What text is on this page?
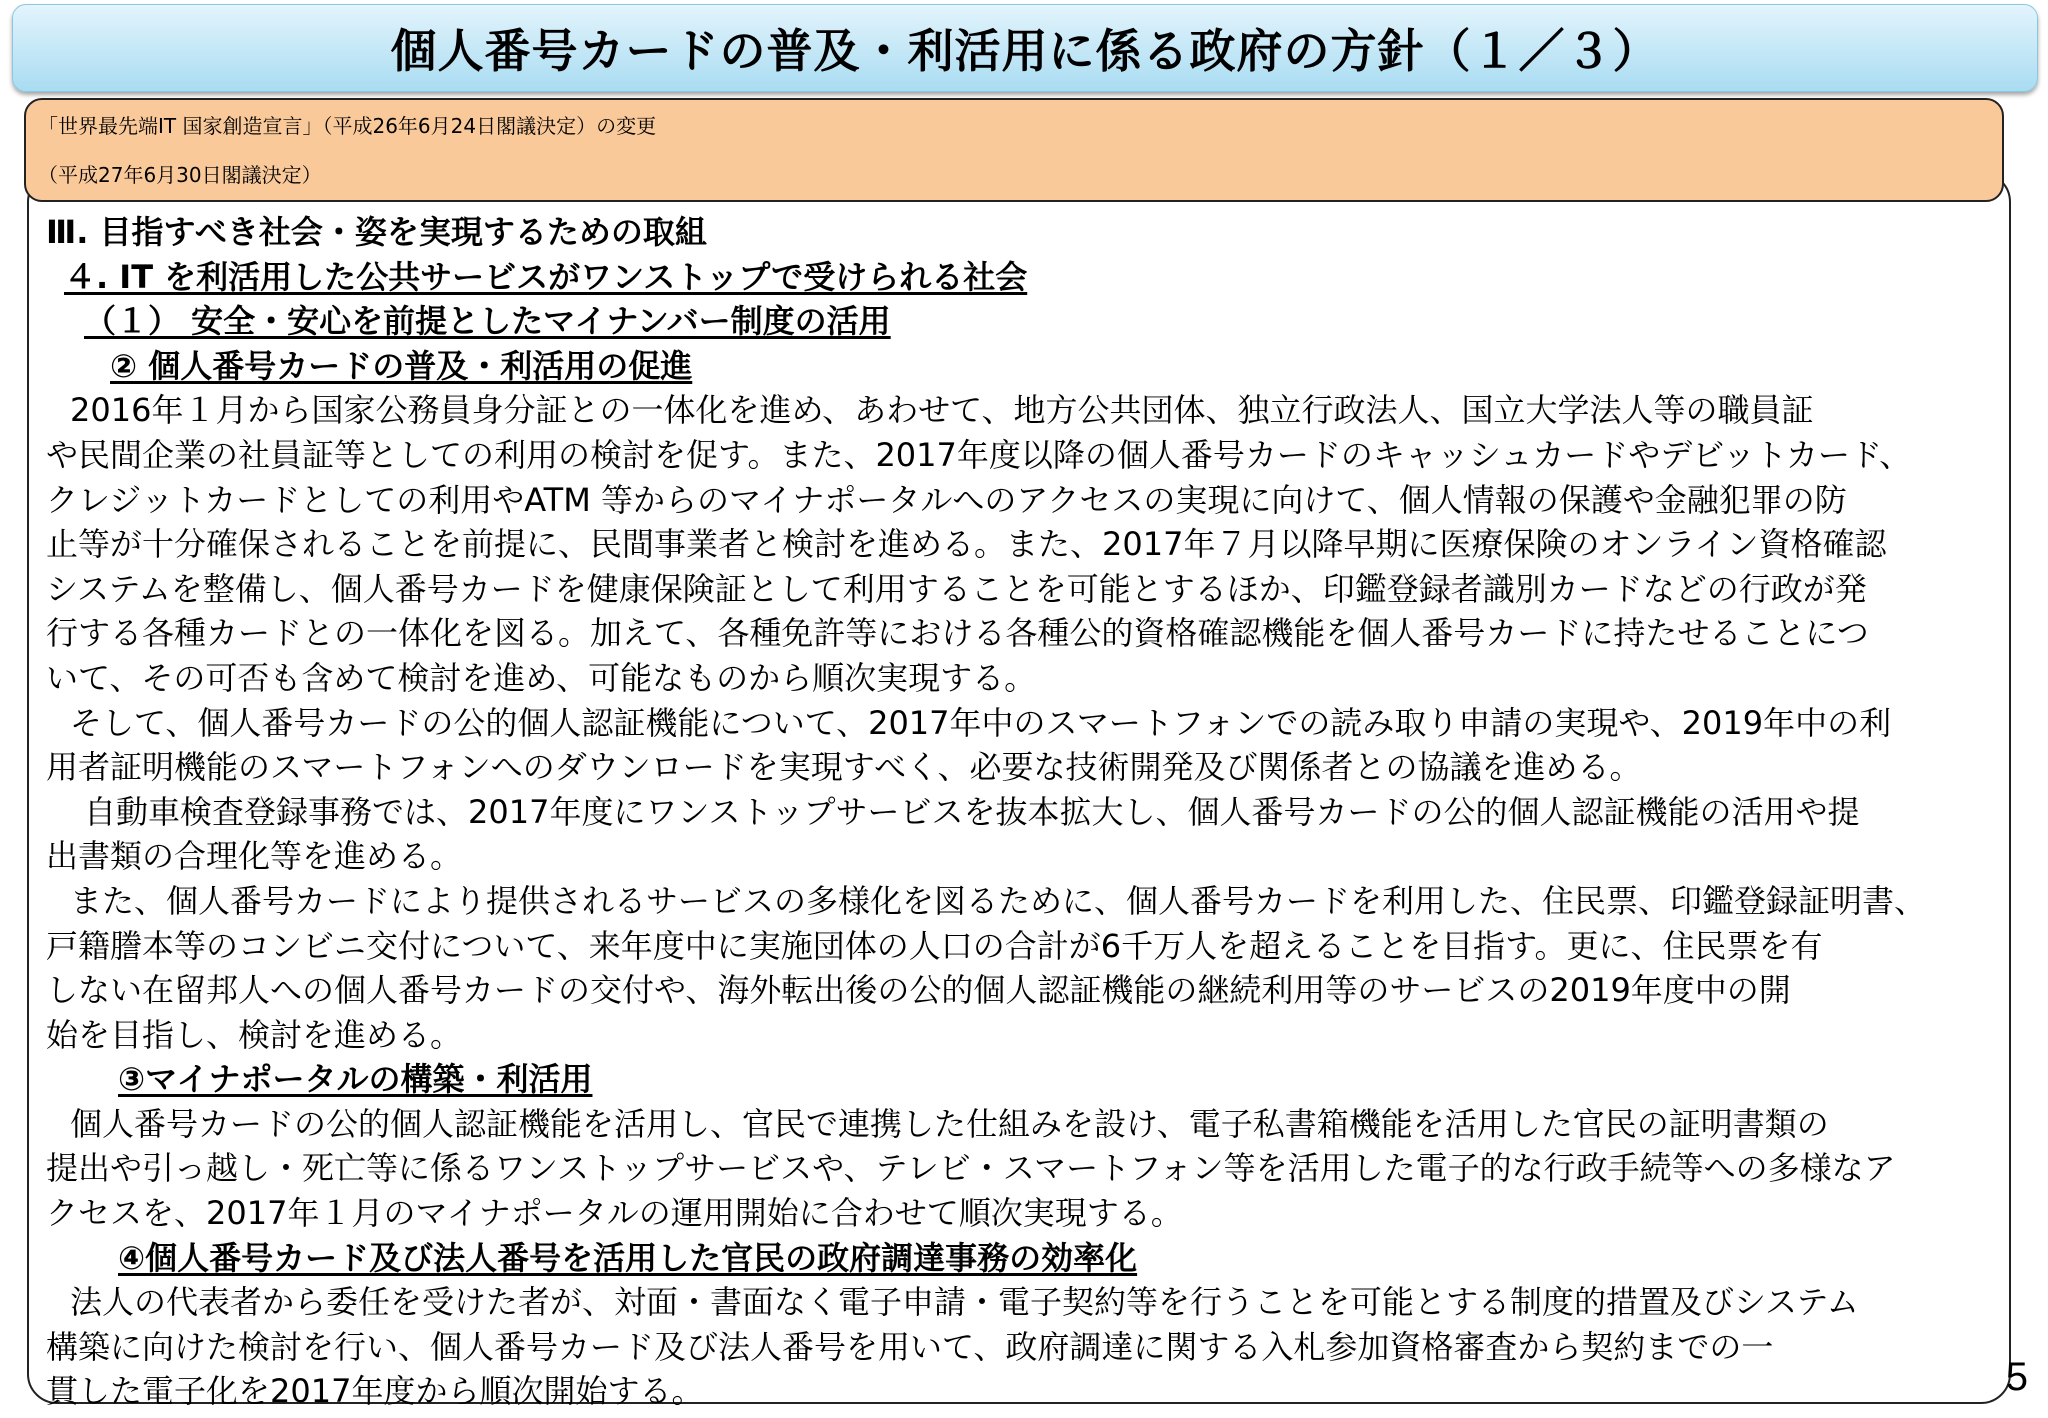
個人番号カードの普及・利活用に係る政府の方針（１／３）
「世界最先端IT 国家創造宣言」（平成26年6月24日閣議決定）の変更
（平成27年6月30日閣議決定）
Ⅲ. 目指すべき社会・姿を実現するための取組
４. IT を利活用した公共サービスがワンストップで受けられる社会
（１） 安全・安心を前提としたマイナンバー制度の活用
② 個人番号カードの普及・利活用の促進
2016年１月から国家公務員身分証との一体化を進め、あわせて、地方公共団体、独立行政法人、国立大学法人等の職員証
や民間企業の社員証等としての利用の検討を促す。また、2017年度以降の個人番号カードのキャッシュカードやデビットカード、
クレジットカードとしての利用やATM 等からのマイナポータルへのアクセスの実現に向けて、個人情報の保護や金融犯罪の防
止等が十分確保されることを前提に、民間事業者と検討を進める。また、2017年７月以降早期に医療保険のオンライン資格確認
システムを整備し、個人番号カードを健康保険証として利用することを可能とするほか、印鑑登録者識別カードなどの行政が発
行する各種カードとの一体化を図る。加えて、各種免許等における各種公的資格確認機能を個人番号カードに持たせることにつ
いて、その可否も含めて検討を進め、可能なものから順次実現する。
そして、個人番号カードの公的個人認証機能について、2017年中のスマートフォンでの読み取り申請の実現や、2019年中の利
用者証明機能のスマートフォンへのダウンロードを実現すべく、必要な技術開発及び関係者との協議を進める。
自動車検査登録事務では、2017年度にワンストップサービスを抜本拡大し、個人番号カードの公的個人認証機能の活用や提
出書類の合理化等を進める。
また、個人番号カードにより提供されるサービスの多様化を図るために、個人番号カードを利用した、住民票、印鑑登録証明書、
戸籍謄本等のコンビニ交付について、来年度中に実施団体の人口の合計が6千万人を超えることを目指す。更に、住民票を有
しない在留邦人への個人番号カードの交付や、海外転出後の公的個人認証機能の継続利用等のサービスの2019年度中の開
始を目指し、検討を進める。
③マイナポータルの構築・利活用
個人番号カードの公的個人認証機能を活用し、官民で連携した仕組みを設け、電子私書箱機能を活用した官民の証明書類の
提出や引っ越し・死亡等に係るワンストップサービスや、テレビ・スマートフォン等を活用した電子的な行政手続等への多様なア
クセスを、2017年１月のマイナポータルの運用開始に合わせて順次実現する。
④個人番号カード及び法人番号を活用した官民の政府調達事務の効率化
法人の代表者から委任を受けた者が、対面・書面なく電子申請・電子契約等を行うことを可能とする制度的措置及びシステム
構築に向けた検討を行い、個人番号カード及び法人番号を用いて、政府調達に関する入札参加資格審査から契約までの一
貫した電子化を2017年度から順次開始する。	5
